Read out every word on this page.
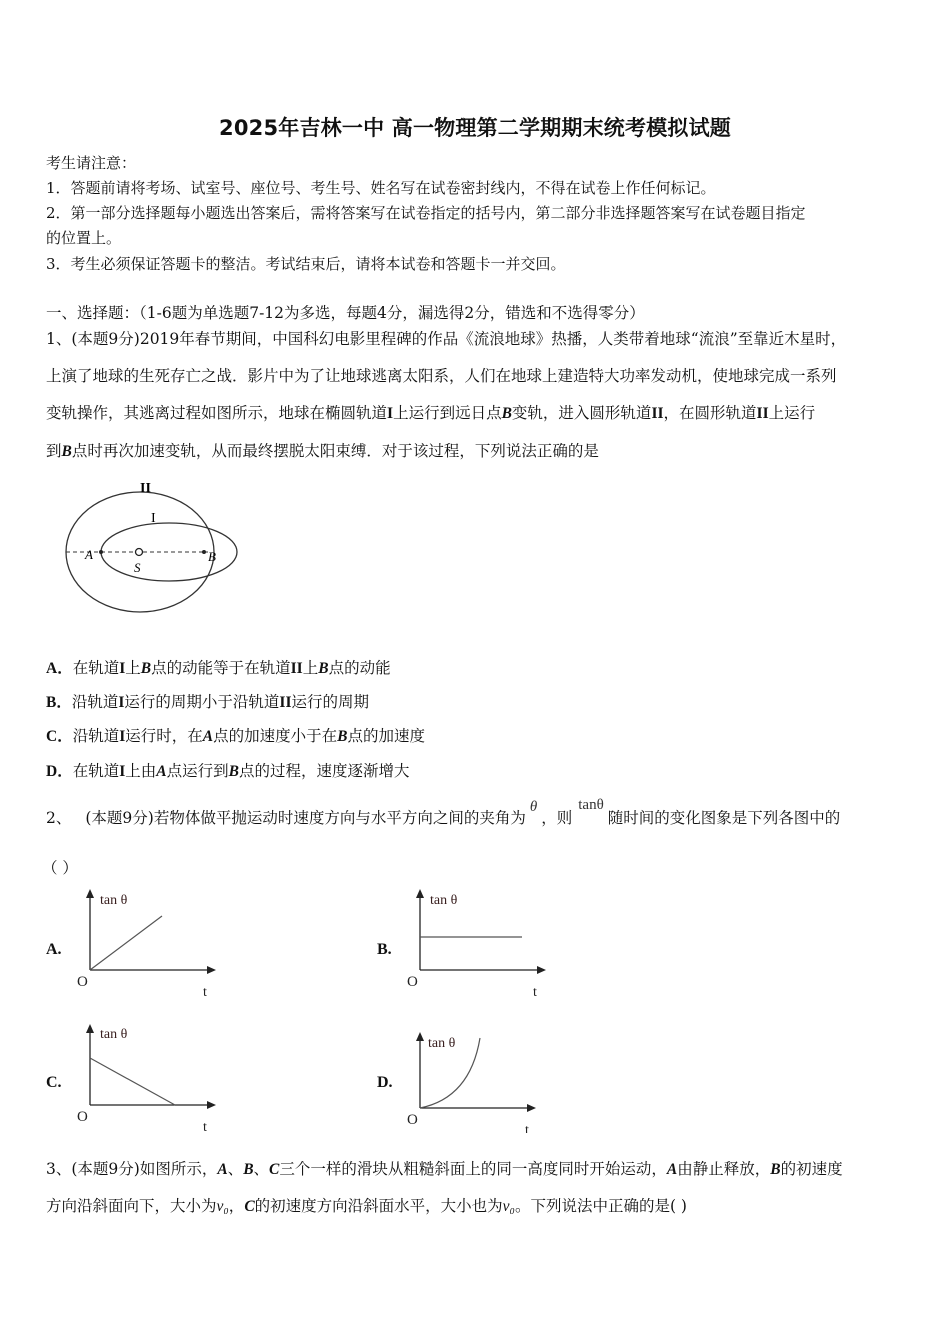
2025年吉林一中 高一物理第二学期期末统考模拟试题
考生请注意：
1．答题前请将考场、试室号、座位号、考生号、姓名写在试卷密封线内，不得在试卷上作任何标记。
2．第一部分选择题每小题选出答案后，需将答案写在试卷指定的括号内，第二部分非选择题答案写在试卷题目指定
的位置上。
3．考生必须保证答题卡的整洁。考试结束后，请将本试卷和答题卡一并交回。
一、选择题：（1-6题为单选题7-12为多选，每题4分，漏选得2分，错选和不选得零分）
1、(本题9分)2019年春节期间，中国科幻电影里程碑的作品《流浪地球》热播，人类带着地球“流浪”至靠近木星时，
上演了地球的生死存亡之战．影片中为了让地球逃离太阳系，人们在地球上建造特大功率发动机，使地球完成一系列
变轨操作，其逃离过程如图所示，地球在椭圆轨道I上运行到远日点B变轨，进入圆形轨道II，在圆形轨道II上运行
到B点时再次加速变轨，从而最终摆脱太阳束缚．对于该过程，下列说法正确的是
II
I
A	B
S
A．在轨道I上B点的动能等于在轨道II上B点的动能
B．沿轨道I运行的周期小于沿轨道II运行的周期
C．沿轨道I运行时，在A点的加速度小于在B点的加速度
D．在轨道I上由A点运行到B点的过程，速度逐渐增大
2、 (本题9分)若物体做平抛运动时速度方向与水平方向之间的夹角为$^\theta$，则$^{tan\theta}$随时间的变化图象是下列各图中的
（ ）
A.
tan θ
O
t
B.
tan θ
O
t
C.
tan θ
O
t
D.
tan θ
O
t
3、(本题9分)如图所示，A、B、C三个一样的滑块从粗糙斜面上的同一高度同时开始运动，A由静止释放，B的初速度
方向沿斜面向下，大小为v₀，C的初速度方向沿斜面水平，大小也为v₀。下列说法中正确的是( )
